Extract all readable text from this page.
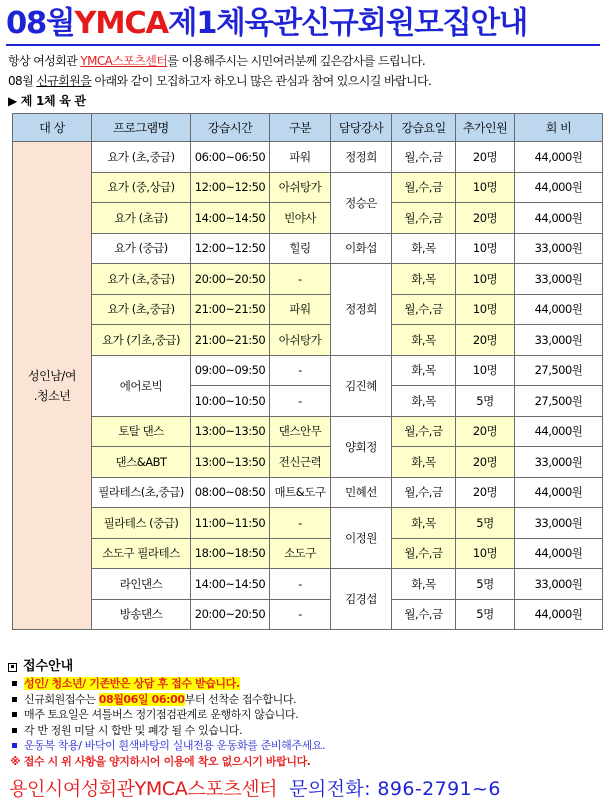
08월YMCA제1체육관신규회원모집안내
항상 여성회관 YMCA스포츠센터를 이용해주시는 시민여러분께 깊은감사를 드립니다.
08월 신규회원을 아래와 같이 모집하고자 하오니 많은 관심과 참여 있으시길 바랍니다.
▶ 제 1체 육 관
대 상	프로그램명	강습시간	구분	담당강사	강습요일	추가인원	회 비
성인남/여
.청소년	요가 (초,중급)	06:00~06:50	파워	정정희	월,수,금	20명	44,000원
	요가 (중,상급)	12:00~12:50	아쉬탕가	정승은	월,수,금	10명	44,000원
	요가 (초급)	14:00~14:50	빈야사		월,수,금	20명	44,000원
	요가 (중급)	12:00~12:50	힐링	이화섭	화,목	10명	33,000원
	요가 (초,중급)	20:00~20:50	-	정정희	화,목	10명	33,000원
	요가 (초,중급)	21:00~21:50	파워		월,수,금	10명	44,000원
	요가 (기초,중급)	21:00~21:50	아쉬탕가		화,목	20명	33,000원
	에어로빅	09:00~09:50	-	김진혜	화,목	10명	27,500원
		10:00~10:50	-		화,목	5명	27,500원
	토탈 댄스	13:00~13:50	댄스안무	양회정	월,수,금	20명	44,000원
	댄스&ABT	13:00~13:50	전신근력		화,목	20명	33,000원
	필라테스(초,중급)	08:00~08:50	매트&도구	민혜선	월,수,금	20명	44,000원
	필라테스 (중급)	11:00~11:50	-	이정원	화,목	5명	33,000원
	소도구 필라테스	18:00~18:50	소도구		월,수,금	10명	44,000원
	라인댄스	14:00~14:50	-	김경섭	화,목	5명	33,000원
	방송댄스	20:00~20:50	-		월,수,금	5명	44,000원
접수안내
성인/ 청소년/ 기존반은 상담 후 접수 받습니다.
신규회원접수는 08월06일 06:00부터 선착순 접수합니다.
매주 토요일은 셔틀버스 정기점검관계로 운행하지 않습니다.
각 반 정원 미달 시 합반 및 폐강 될 수 있습니다.
운동복 착용/ 바닥이 흰색바탕의 실내전용 운동화를 준비해주세요.
※ 접수 시 위 사항을 양지하시어 이용에 착오 없으시기 바랍니다.
용인시여성회관YMCA스포츠센터 문의전화: 896-2791~6
